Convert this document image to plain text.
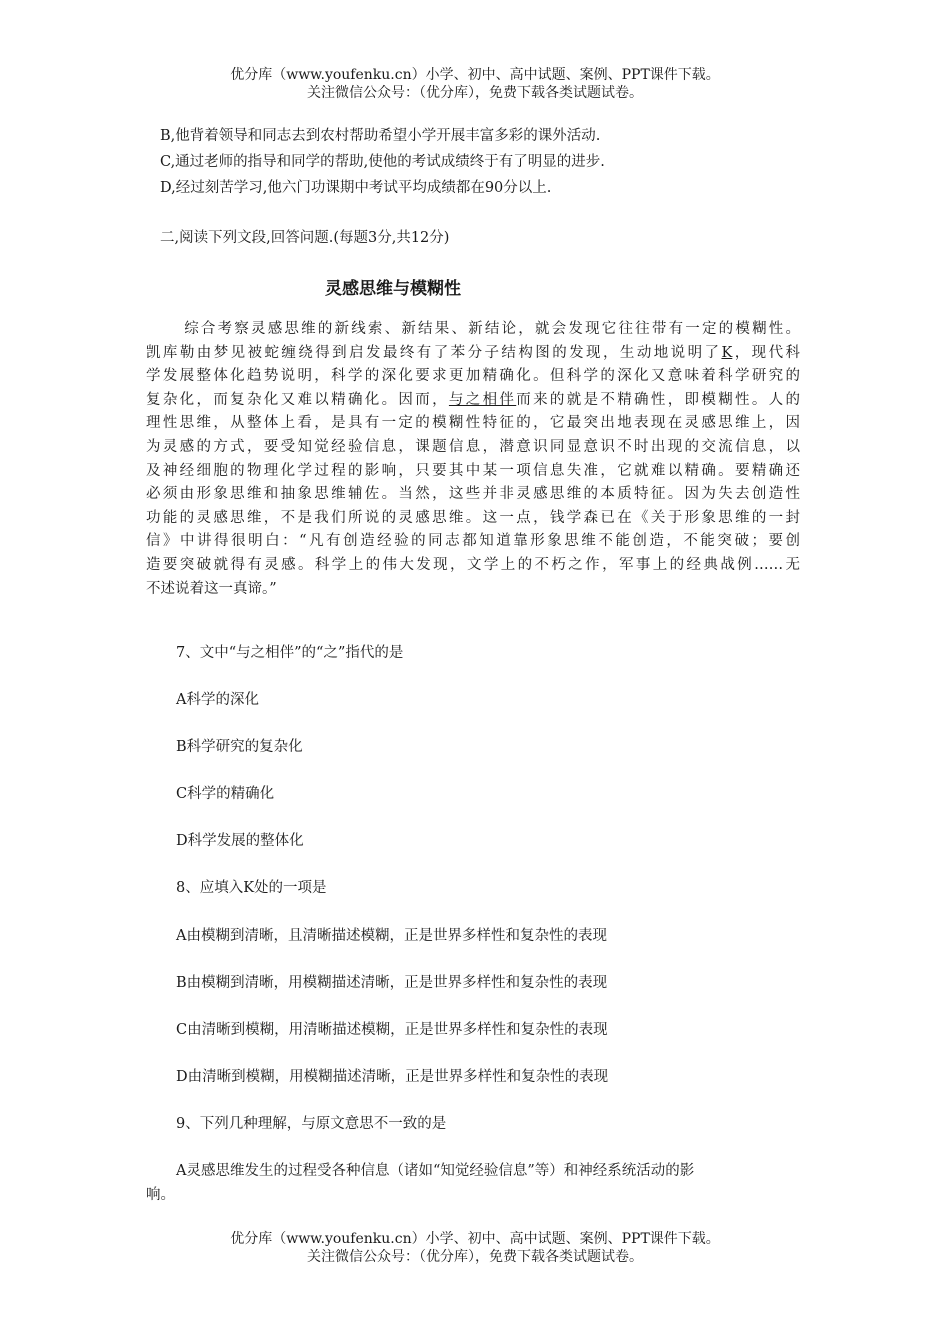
优分库（www.youfenku.cn）小学、初中、高中试题、案例、PPT课件下载。
关注微信公众号：（优分库），免费下载各类试题试卷。
B,他背着领导和同志去到农村帮助希望小学开展丰富多彩的课外活动.
C,通过老师的指导和同学的帮助,使他的考试成绩终于有了明显的进步.
D,经过刻苦学习,他六门功课期中考试平均成绩都在90分以上.
二,阅读下列文段,回答问题.(每题3分,共12分)
灵感思维与模糊性
综合考察灵感思维的新线索、新结果、新结论，就会发现它往往带有一定的模糊性。
凯库勒由梦见被蛇缠绕得到启发最终有了苯分子结构图的发现，生动地说明了K，现代科
学发展整体化趋势说明，科学的深化要求更加精确化。但科学的深化又意味着科学研究的
复杂化，而复杂化又难以精确化。因而，与之相伴而来的就是不精确性，即模糊性。人的
理性思维，从整体上看，是具有一定的模糊性特征的，它最突出地表现在灵感思维上，因
为灵感的方式，要受知觉经验信息，课题信息，潜意识同显意识不时出现的交流信息，以
及神经细胞的物理化学过程的影响，只要其中某一项信息失准，它就难以精确。要精确还
必须由形象思维和抽象思维辅佐。当然，这些并非灵感思维的本质特征。因为失去创造性
功能的灵感思维，不是我们所说的灵感思维。这一点，钱学森已在《关于形象思维的一封
信》中讲得很明白：“凡有创造经验的同志都知道靠形象思维不能创造，不能突破；要创
造要突破就得有灵感。科学上的伟大发现，文学上的不朽之作，军事上的经典战例……无
不述说着这一真谛。”
7、文中“与之相伴”的“之”指代的是
A科学的深化
B科学研究的复杂化
C科学的精确化
D科学发展的整体化
8、应填入K处的一项是
A由模糊到清晰，且清晰描述模糊，正是世界多样性和复杂性的表现
B由模糊到清晰，用模糊描述清晰，正是世界多样性和复杂性的表现
C由清晰到模糊，用清晰描述模糊，正是世界多样性和复杂性的表现
D由清晰到模糊，用模糊描述清晰，正是世界多样性和复杂性的表现
9、下列几种理解，与原文意思不一致的是
A灵感思维发生的过程受各种信息（诸如“知觉经验信息”等）和神经系统活动的影
响。
优分库（www.youfenku.cn）小学、初中、高中试题、案例、PPT课件下载。
关注微信公众号：（优分库），免费下载各类试题试卷。
